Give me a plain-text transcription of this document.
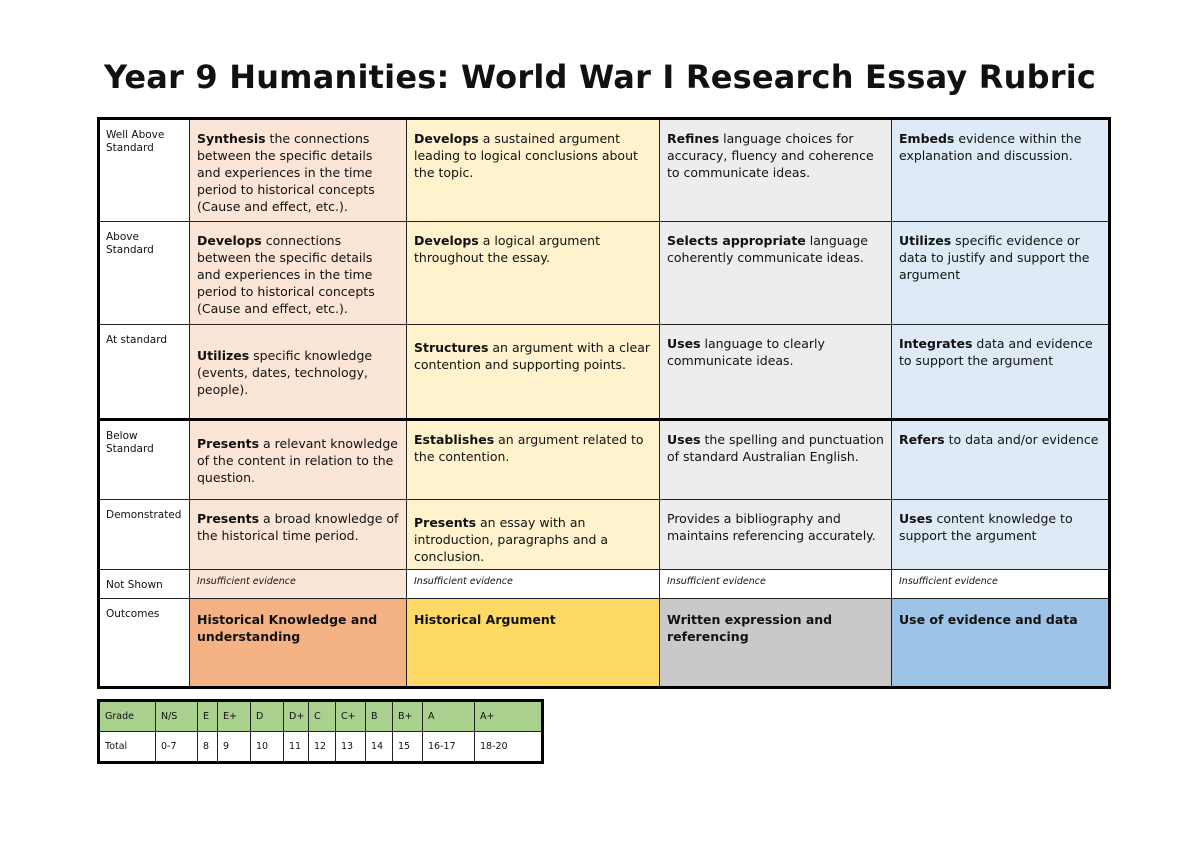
Year 9 Humanities: World War I Research Essay Rubric
Well Above Standard	Synthesis the connections between the specific details and experiences in the time period to historical concepts (Cause and effect, etc.).	Develops a sustained argument leading to logical conclusions about the topic.	Refines language choices for accuracy, fluency and coherence to communicate ideas.	Embeds evidence within the explanation and discussion.
Above Standard	Develops connections between the specific details and experiences in the time period to historical concepts (Cause and effect, etc.).	Develops a logical argument throughout the essay.	Selects appropriate language coherently communicate ideas.	Utilizes specific evidence or data to justify and support the argument
At standard	Utilizes specific knowledge (events, dates, technology, people).	Structures an argument with a clear contention and supporting points.	Uses language to clearly communicate ideas.	Integrates data and evidence to support the argument
Below Standard	Presents a relevant knowledge of the content in relation to the question.	Establishes an argument related to the contention.	Uses the spelling and punctuation of standard Australian English.	Refers to data and/or evidence
Demonstrated	Presents a broad knowledge of the historical time period.	Presents an essay with an introduction, paragraphs and a conclusion.	Provides a bibliography and maintains referencing accurately.	Uses content knowledge to support the argument
Not Shown	Insufficient evidence	Insufficient evidence	Insufficient evidence	Insufficient evidence
Outcomes	Historical Knowledge and understanding	Historical Argument	Written expression and referencing	Use of evidence and data
Grade	N/S	E	E+	D	D+	C	C+	B	B+	A	A+
Total	0-7	8	9	10	11	12	13	14	15	16-17	18-20
